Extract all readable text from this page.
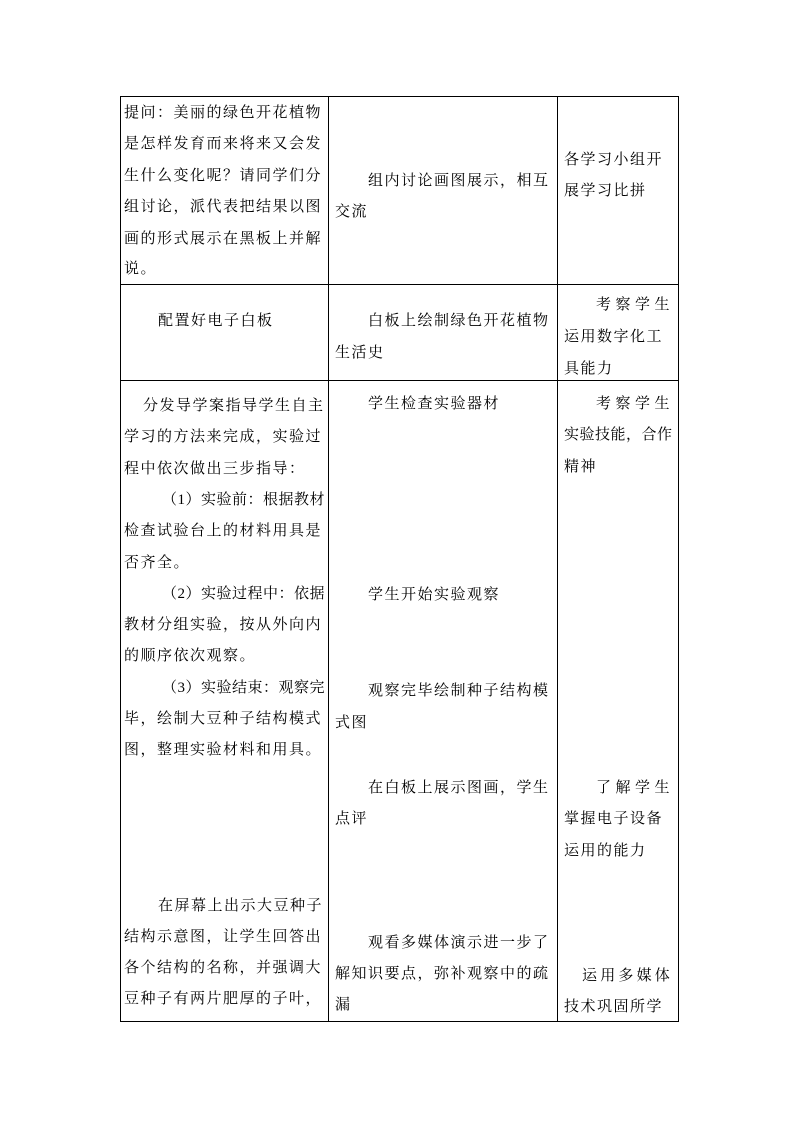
提问：美丽的绿色开花植物
是怎样发育而来将来又会发
生什么变化呢？请同学们分
组讨论，派代表把结果以图
画的形式展示在黑板上并解
说。
组内讨论画图展示，相互
交流
各学习小组开
展学习比拼
配置好电子白板	白板上绘制绿色开花植物
生活史
考察学生
运用数字化工
具能力
分发导学案指导学生自主
学习的方法来完成，实验过
程中依次做出三步指导：
（1）实验前：根据教材
检查试验台上的材料用具是
否齐全。
（2）实验过程中：依据
教材分组实验，按从外向内
的顺序依次观察。
（3）实验结束：观察完
毕，绘制大豆种子结构模式
图，整理实验材料和用具。
在屏幕上出示大豆种子
结构示意图，让学生回答出
各个结构的名称，并强调大
豆种子有两片肥厚的子叶，
学生检查实验器材
学生开始实验观察
观察完毕绘制种子结构模
式图
在白板上展示图画，学生
点评
观看多媒体演示进一步了
解知识要点，弥补观察中的疏
漏
考察学生
实验技能，合作
精神
了解学生
掌握电子设备
运用的能力
运用多媒体
技术巩固所学
